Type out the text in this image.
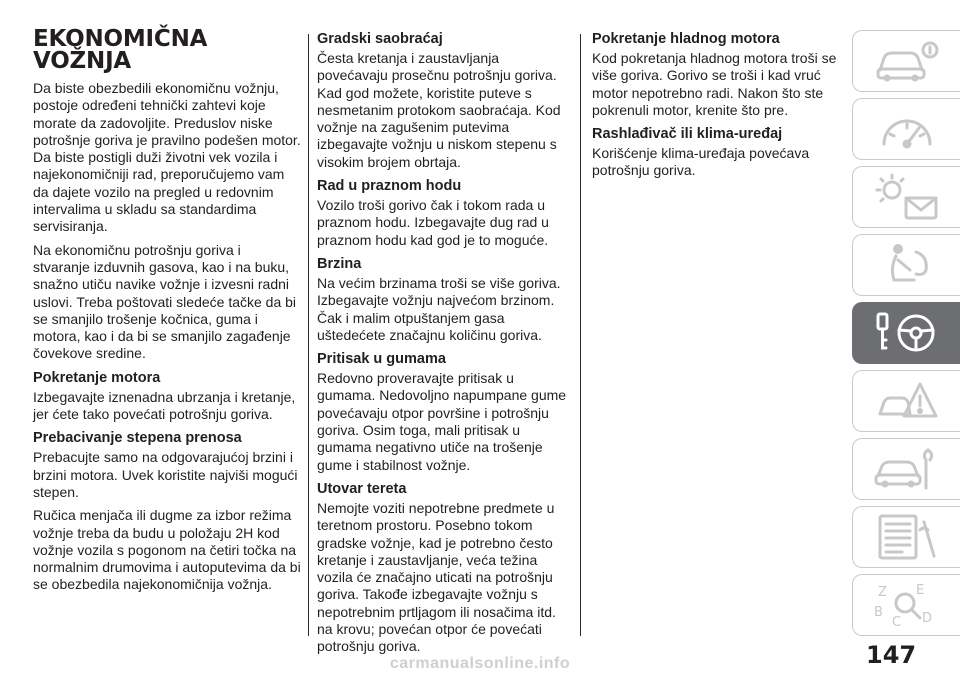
EKONOMIČNA
VOŽNJA

Da biste obezbedili ekonomičnu vožnju, postoje određeni tehnički zahtevi koje morate da zadovoljite. Preduslov niske potrošnje goriva je pravilno podešen motor. Da biste postigli duži životni vek vozila i najekonomičniji rad, preporučujemo vam da dajete vozilo na pregled u redovnim intervalima u skladu sa standardima servisiranja.

Na ekonomičnu potrošnju goriva i stvaranje izduvnih gasova, kao i na buku, snažno utiču navike vožnje i izvesni radni uslovi. Treba poštovati sledeće tačke da bi se smanjilo trošenje kočnica, guma i motora, kao i da bi se smanjilo zagađenje čovekove sredine.

Pokretanje motora

Izbegavajte iznenadna ubrzanja i kretanje, jer ćete tako povećati potrošnju goriva.

Prebacivanje stepena prenosa

Prebacujte samo na odgovarajućoj brzini i brzini motora. Uvek koristite najviši mogući stepen.

Ručica menjača ili dugme za izbor režima vožnje treba da budu u položaju 2H kod vožnje vozila s pogonom na četiri točka na normalnim drumovima i autoputevima da bi se obezbedila najekonomičnija vožnja.

Gradski saobraćaj

Česta kretanja i zaustavljanja povećavaju prosečnu potrošnju goriva. Kad god možete, koristite puteve s nesmetanim protokom saobraćaja. Kod vožnje na zagušenim putevima izbegavajte vožnju u niskom stepenu s visokim brojem obrtaja.

Rad u praznom hodu

Vozilo troši gorivo čak i tokom rada u praznom hodu. Izbegavajte dug rad u praznom hodu kad god je to moguće.

Brzina

Na većim brzinama troši se više goriva. Izbegavajte vožnju najvećom brzinom. Čak i malim otpuštanjem gasa uštedećete značajnu količinu goriva.

Pritisak u gumama

Redovno proveravajte pritisak u gumama. Nedovoljno napumpane gume povećavaju otpor površine i potrošnju goriva. Osim toga, mali pritisak u gumama negativno utiče na trošenje gume i stabilnost vožnje.

Utovar tereta

Nemojte voziti nepotrebne predmete u teretnom prostoru. Posebno tokom gradske vožnje, kad je potrebno često kretanje i zaustavljanje, veća težina vozila će značajno uticati na potrošnju goriva. Takođe izbegavajte vožnju s nepotrebnim prtljagom ili nosačima itd. na krovu; povećan otpor će povećati potrošnju goriva.

Pokretanje hladnog motora

Kod pokretanja hladnog motora troši se više goriva. Gorivo se troši i kad vruć motor nepotrebno radi. Nakon što ste pokrenuli motor, krenite što pre.

Rashlađivač ili klima-uređaj

Korišćenje klima-uređaja povećava potrošnju goriva.

Z E
B
C D
147
carmanualsonline.info
